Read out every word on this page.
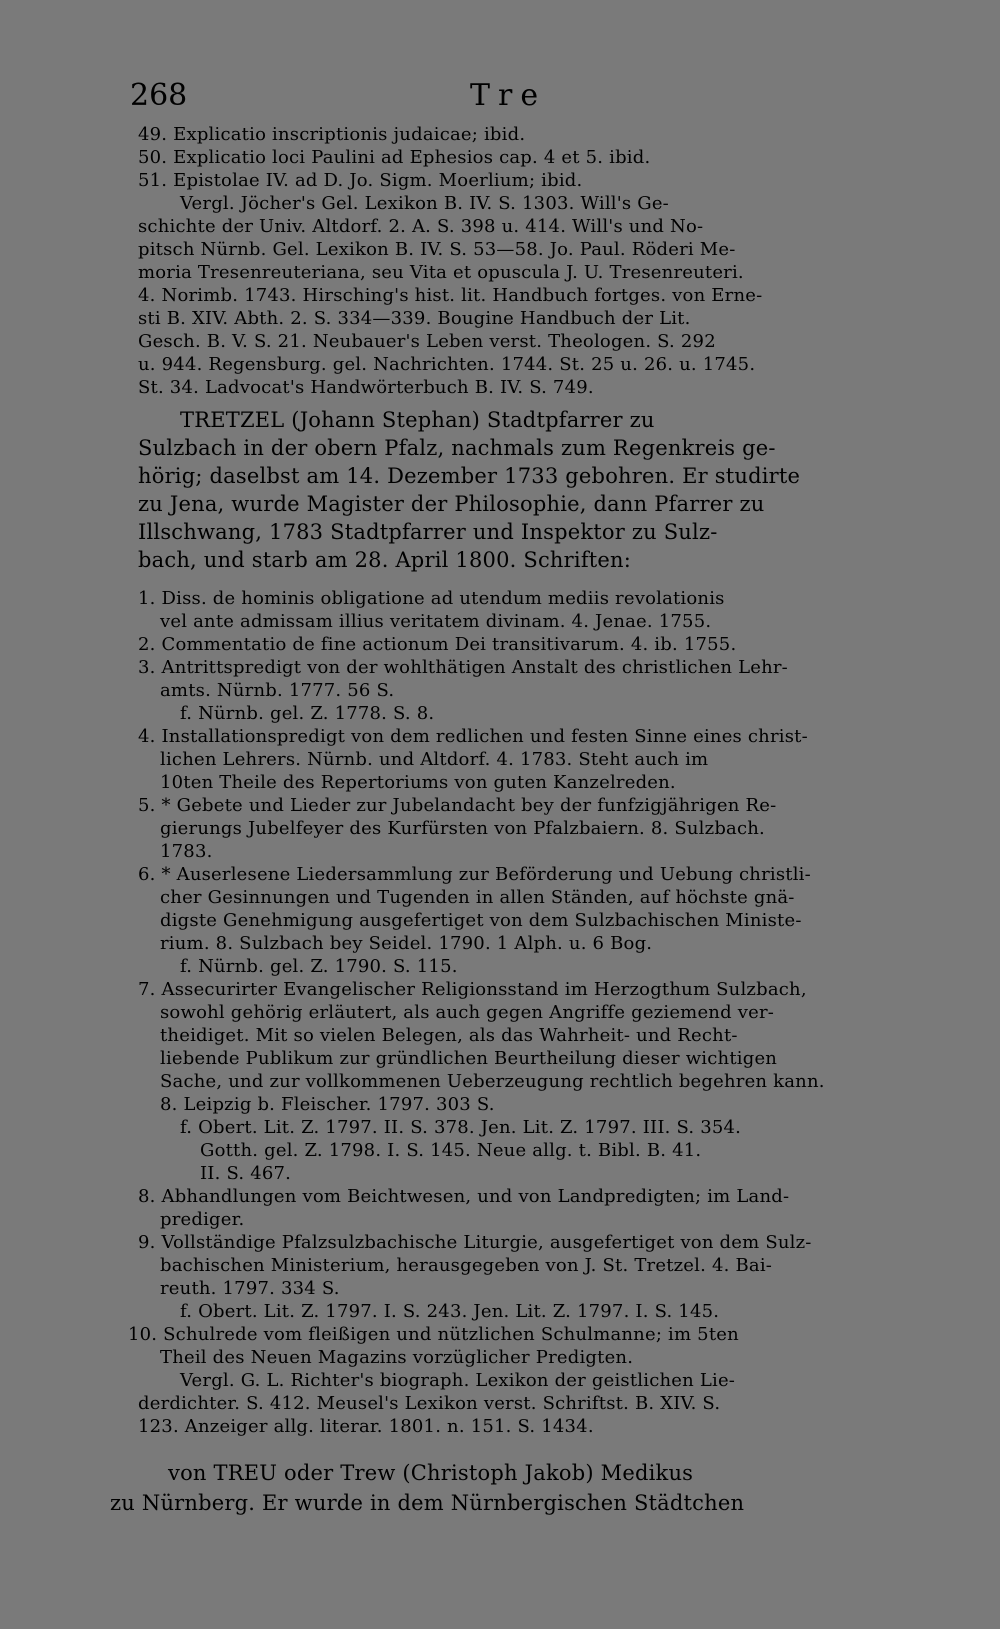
268	Tre
49. Explicatio inscriptionis judaicae; ibid.
50. Explicatio loci Paulini ad Ephesios cap. 4 et 5. ibid.
51. Epistolae IV. ad D. Jo. Sigm. Moerlium; ibid.
Vergl. Jöcher's Gel. Lexikon B. IV. S. 1303. Will's Ge-
schichte der Univ. Altdorf. 2. A. S. 398 u. 414. Will's und No-
pitsch Nürnb. Gel. Lexikon B. IV. S. 53—58. Jo. Paul. Röderi Me-
moria Tresenreuteriana, seu Vita et opuscula J. U. Tresenreuteri.
4. Norimb. 1743. Hirsching's hist. lit. Handbuch fortges. von Erne-
sti B. XIV. Abth. 2. S. 334—339. Bougine Handbuch der Lit.
Gesch. B. V. S. 21. Neubauer's Leben verst. Theologen. S. 292
u. 944. Regensburg. gel. Nachrichten. 1744. St. 25 u. 26. u. 1745.
St. 34. Ladvocat's Handwörterbuch B. IV. S. 749.
TRETZEL (Johann Stephan) Stadtpfarrer zu
Sulzbach in der obern Pfalz, nachmals zum Regenkreis ge-
hörig; daselbst am 14. Dezember 1733 gebohren. Er studirte
zu Jena, wurde Magister der Philosophie, dann Pfarrer zu
Illschwang, 1783 Stadtpfarrer und Inspektor zu Sulz-
bach, und starb am 28. April 1800. Schriften:
1. Diss. de hominis obligatione ad utendum mediis revolationis
vel ante admissam illius veritatem divinam. 4. Jenae. 1755.
2. Commentatio de fine actionum Dei transitivarum. 4. ib. 1755.
3. Antrittspredigt von der wohlthätigen Anstalt des christlichen Lehr-
amts. Nürnb. 1777. 56 S.
f. Nürnb. gel. Z. 1778. S. 8.
4. Installationspredigt von dem redlichen und festen Sinne eines christ-
lichen Lehrers. Nürnb. und Altdorf. 4. 1783. Steht auch im
10ten Theile des Repertoriums von guten Kanzelreden.
5. * Gebete und Lieder zur Jubelandacht bey der funfzigjährigen Re-
gierungs Jubelfeyer des Kurfürsten von Pfalzbaiern. 8. Sulzbach.
1783.
6. * Auserlesene Liedersammlung zur Beförderung und Uebung christli-
cher Gesinnungen und Tugenden in allen Ständen, auf höchste gnä-
digste Genehmigung ausgefertiget von dem Sulzbachischen Ministe-
rium. 8. Sulzbach bey Seidel. 1790. 1 Alph. u. 6 Bog.
f. Nürnb. gel. Z. 1790. S. 115.
7. Assecurirter Evangelischer Religionsstand im Herzogthum Sulzbach,
sowohl gehörig erläutert, als auch gegen Angriffe geziemend ver-
theidiget. Mit so vielen Belegen, als das Wahrheit- und Recht-
liebende Publikum zur gründlichen Beurtheilung dieser wichtigen
Sache, und zur vollkommenen Ueberzeugung rechtlich begehren kann.
8. Leipzig b. Fleischer. 1797. 303 S.
f. Obert. Lit. Z. 1797. II. S. 378. Jen. Lit. Z. 1797. III. S. 354.
Gotth. gel. Z. 1798. I. S. 145. Neue allg. t. Bibl. B. 41.
II. S. 467.
8. Abhandlungen vom Beichtwesen, und von Landpredigten; im Land-
prediger.
9. Vollständige Pfalzsulzbachische Liturgie, ausgefertiget von dem Sulz-
bachischen Ministerium, herausgegeben von J. St. Tretzel. 4. Bai-
reuth. 1797. 334 S.
f. Obert. Lit. Z. 1797. I. S. 243. Jen. Lit. Z. 1797. I. S. 145.
10. Schulrede vom fleißigen und nützlichen Schulmanne; im 5ten
Theil des Neuen Magazins vorzüglicher Predigten.
Vergl. G. L. Richter's biograph. Lexikon der geistlichen Lie-
derdichter. S. 412. Meusel's Lexikon verst. Schriftst. B. XIV. S.
123. Anzeiger allg. literar. 1801. n. 151. S. 1434.
von TREU oder Trew (Christoph Jakob) Medikus
zu Nürnberg. Er wurde in dem Nürnbergischen Städtchen
